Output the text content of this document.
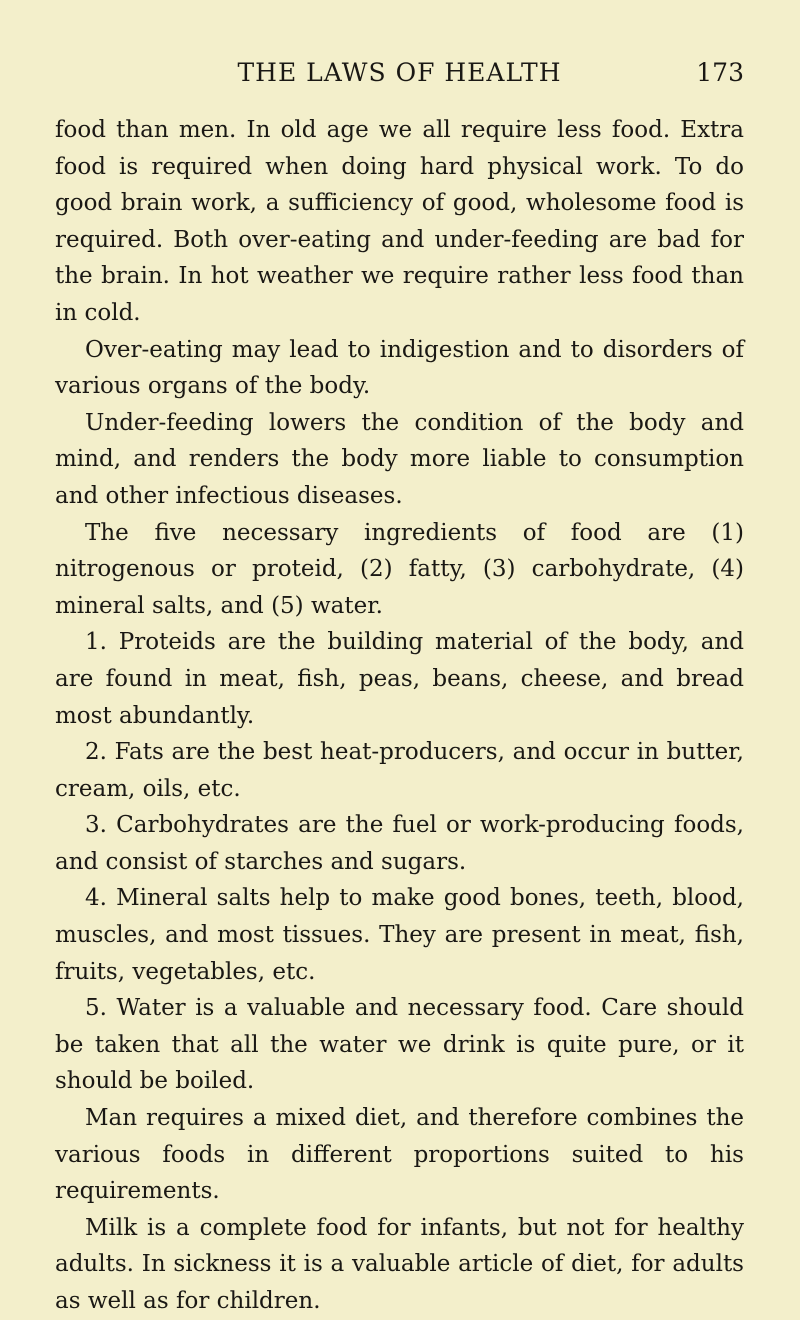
THE LAWS OF HEALTH	173

food than men. In old age we all require less food. Extra food is required when doing hard physical work. To do good brain work, a sufficiency of good, wholesome food is required. Both over-eating and under-feeding are bad for the brain. In hot weather we require rather less food than in cold.

Over-eating may lead to indigestion and to disorders of various organs of the body.

Under-feeding lowers the condition of the body and mind, and renders the body more liable to consumption and other infectious diseases.

The five necessary ingredients of food are (1) nitrogenous or proteid, (2) fatty, (3) carbohydrate, (4) mineral salts, and (5) water.

1. Proteids are the building material of the body, and are found in meat, fish, peas, beans, cheese, and bread most abundantly.

2. Fats are the best heat-producers, and occur in butter, cream, oils, etc.

3. Carbohydrates are the fuel or work-producing foods, and consist of starches and sugars.

4. Mineral salts help to make good bones, teeth, blood, muscles, and most tissues. They are present in meat, fish, fruits, vegetables, etc.

5. Water is a valuable and necessary food. Care should be taken that all the water we drink is quite pure, or it should be boiled.

Man requires a mixed diet, and therefore combines the various foods in different proportions suited to his requirements.

Milk is a complete food for infants, but not for healthy adults. In sickness it is a valuable article of diet, for adults as well as for children.
